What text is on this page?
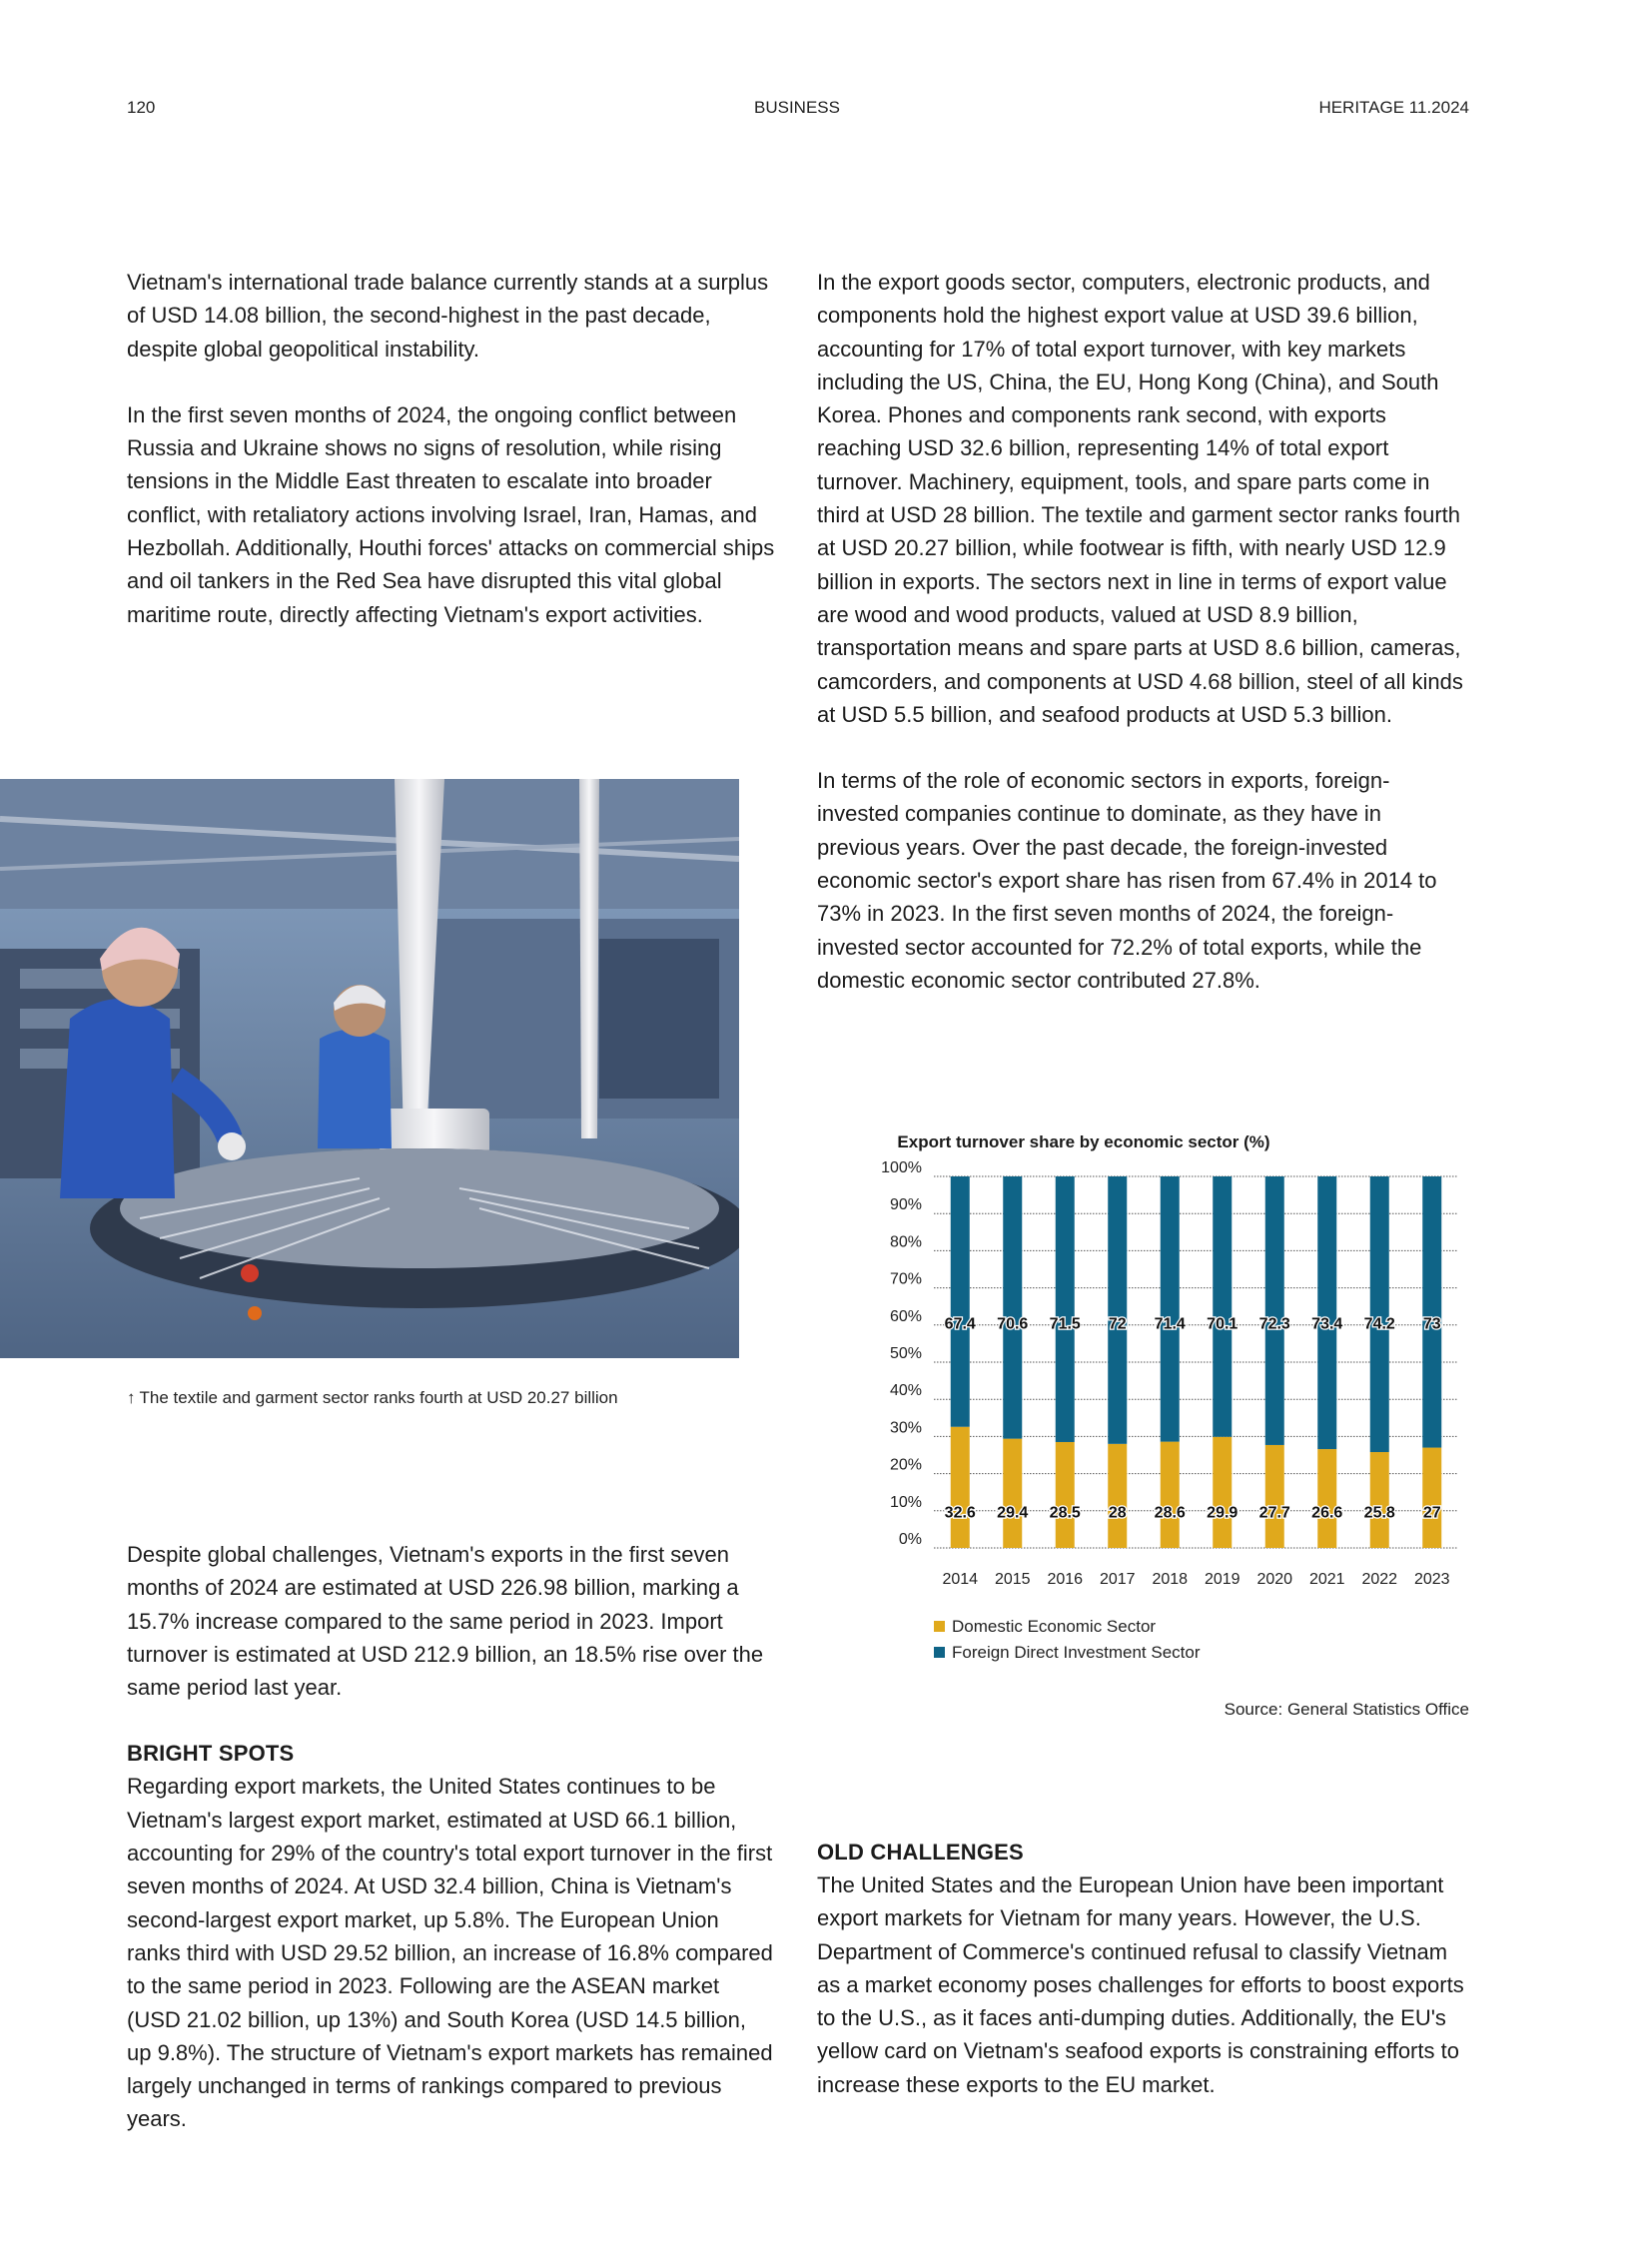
120	BUSINESS	HERITAGE 11.2024

Vietnam's international trade balance currently stands at a surplus of USD 14.08 billion, the second-highest in the past decade, despite global geopolitical instability.

In the first seven months of 2024, the ongoing conflict between Russia and Ukraine shows no signs of resolution, while rising tensions in the Middle East threaten to escalate into broader conflict, with retaliatory actions involving Israel, Iran, Hamas, and Hezbollah. Additionally, Houthi forces' attacks on commercial ships and oil tankers in the Red Sea have disrupted this vital global maritime route, directly affecting Vietnam's export activities.

↑ The textile and garment sector ranks fourth at USD 20.27 billion

Despite global challenges, Vietnam's exports in the first seven months of 2024 are estimated at USD 226.98 billion, marking a 15.7% increase compared to the same period in 2023. Import turnover is estimated at USD 212.9 billion, an 18.5% rise over the same period last year.

BRIGHT SPOTS

Regarding export markets, the United States continues to be Vietnam's largest export market, estimated at USD 66.1 billion, accounting for 29% of the country's total export turnover in the first seven months of 2024. At USD 32.4 billion, China is Vietnam's second-largest export market, up 5.8%. The European Union ranks third with USD 29.52 billion, an increase of 16.8% compared to the same period in 2023. Following are the ASEAN market (USD 21.02 billion, up 13%) and South Korea (USD 14.5 billion, up 9.8%). The structure of Vietnam's export markets has remained largely unchanged in terms of rankings compared to previous years.

In the export goods sector, computers, electronic products, and components hold the highest export value at USD 39.6 billion, accounting for 17% of total export turnover, with key markets including the US, China, the EU, Hong Kong (China), and South Korea. Phones and components rank second, with exports reaching USD 32.6 billion, representing 14% of total export turnover. Machinery, equipment, tools, and spare parts come in third at USD 28 billion. The textile and garment sector ranks fourth at USD 20.27 billion, while footwear is fifth, with nearly USD 12.9 billion in exports. The sectors next in line in terms of export value are wood and wood products, valued at USD 8.9 billion, transportation means and spare parts at USD 8.6 billion, cameras, camcorders, and components at USD 4.68 billion, steel of all kinds at USD 5.5 billion, and seafood products at USD 5.3 billion.

In terms of the role of economic sectors in exports, foreign-invested companies continue to dominate, as they have in previous years. Over the past decade, the foreign-invested economic sector's export share has risen from 67.4% in 2014 to 73% in 2023. In the first seven months of 2024, the foreign-invested sector accounted for 72.2% of total exports, while the domestic economic sector contributed 27.8%.

Export turnover share by economic sector (%)
0%
10%
20%
30%
40%
50%
60%
70%
80%
90%
100%
32.6
67.4
29.4
70.6
28.5
71.5
28
72
28.6
71.4
29.9
70.1
27.7
72.3
26.6
73.4
25.8
74.2
27
73
2014 2015 2016 2017 2018 2019 2020 2021 2022 2023
Domestic Economic Sector
Foreign Direct Investment Sector
Source: General Statistics Office
OLD CHALLENGES

The United States and the European Union have been important export markets for Vietnam for many years. However, the U.S. Department of Commerce's continued refusal to classify Vietnam as a market economy poses challenges for efforts to boost exports to the U.S., as it faces anti-dumping duties. Additionally, the EU's yellow card on Vietnam's seafood exports is constraining efforts to increase these exports to the EU market.
